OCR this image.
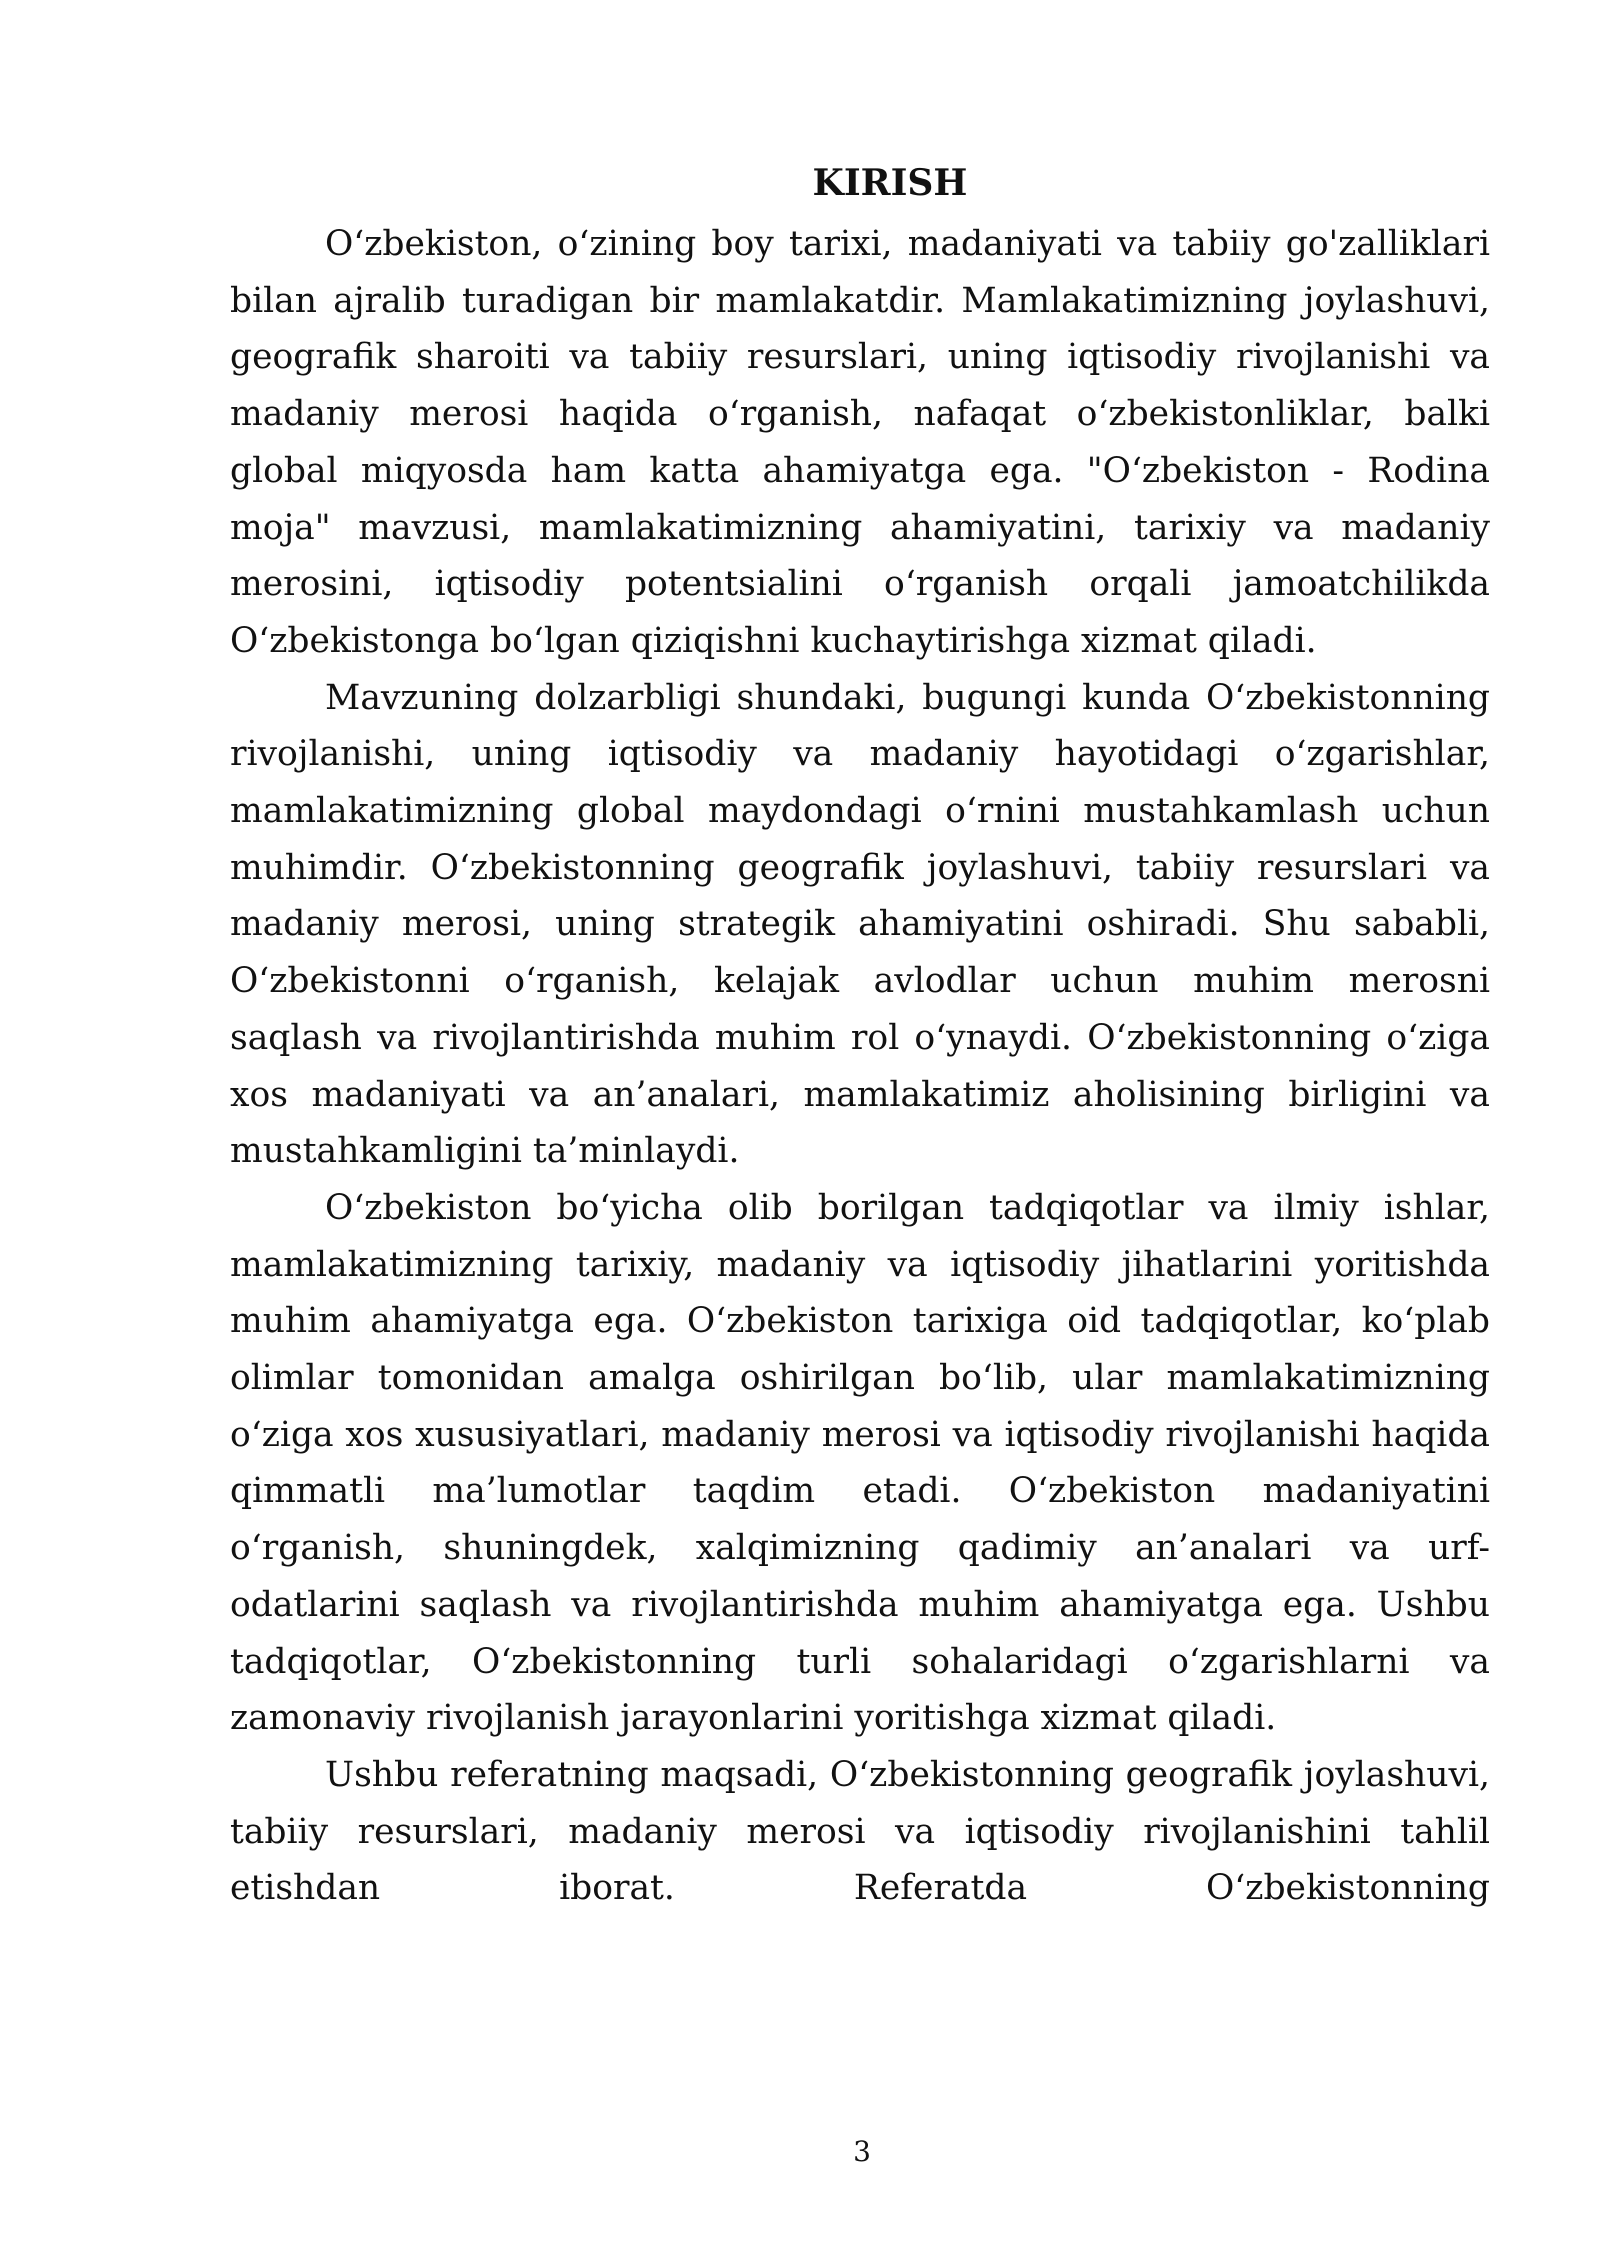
KIRISH

O‘zbekiston, o‘zining boy tarixi, madaniyati va tabiiy go'zalliklari bilan ajralib turadigan bir mamlakatdir. Mamlakatimizning joylashuvi, geografik sharoiti va tabiiy resurslari, uning iqtisodiy rivojlanishi va madaniy merosi haqida o‘rganish, nafaqat o‘zbekistonliklar, balki global miqyosda ham katta ahamiyatga ega. "O‘zbekiston - Rodina moja" mavzusi, mamlakatimizning ahamiyatini, tarixiy va madaniy merosini, iqtisodiy potentsialini o‘rganish orqali jamoatchilikda O‘zbekistonga bo‘lgan qiziqishni kuchaytirishga xizmat qiladi.

Mavzuning dolzarbligi shundaki, bugungi kunda O‘zbekistonning rivojlanishi, uning iqtisodiy va madaniy hayotidagi o‘zgarishlar, mamlakatimizning global maydondagi o‘rnini mustahkamlash uchun muhimdir. O‘zbekistonning geografik joylashuvi, tabiiy resurslari va madaniy merosi, uning strategik ahamiyatini oshiradi. Shu sababli, O‘zbekistonni o‘rganish, kelajak avlodlar uchun muhim merosni saqlash va rivojlantirishda muhim rol o‘ynaydi. O‘zbekistonning o‘ziga xos madaniyati va an’analari, mamlakatimiz aholisining birligini va mustahkamligini ta’minlaydi.

O‘zbekiston bo‘yicha olib borilgan tadqiqotlar va ilmiy ishlar, mamlakatimizning tarixiy, madaniy va iqtisodiy jihatlarini yoritishda muhim ahamiyatga ega. O‘zbekiston tarixiga oid tadqiqotlar, ko‘plab olimlar tomonidan amalga oshirilgan bo‘lib, ular mamlakatimizning o‘ziga xos xususiyatlari, madaniy merosi va iqtisodiy rivojlanishi haqida qimmatli ma’lumotlar taqdim etadi. O‘zbekiston madaniyatini o‘rganish, shuningdek, xalqimizning qadimiy an’analari va urf-odatlarini saqlash va rivojlantirishda muhim ahamiyatga ega. Ushbu tadqiqotlar, O‘zbekistonning turli sohalaridagi o‘zgarishlarni va zamonaviy rivojlanish jarayonlarini yoritishga xizmat qiladi.

Ushbu referatning maqsadi, O‘zbekistonning geografik joylashuvi, tabiiy resurslari, madaniy merosi va iqtisodiy rivojlanishini tahlil etishdan iborat. Referatda O‘zbekistonning

3
